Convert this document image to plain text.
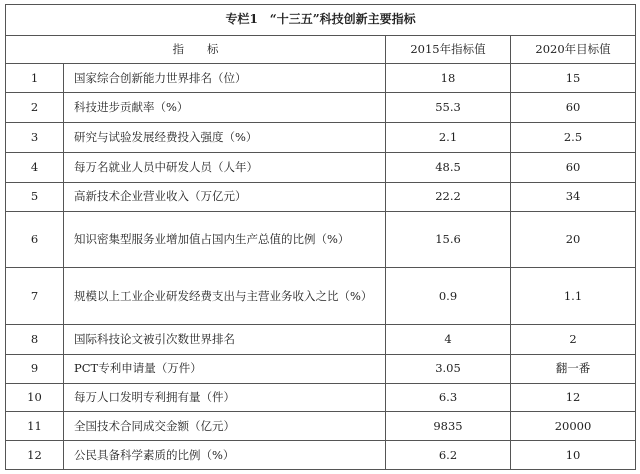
专栏1　“十三五”科技创新主要指标			
指　　标		2015年指标值	2020年目标值
1	国家综合创新能力世界排名（位）	18	15
2	科技进步贡献率（%）	55.3	60
3	研究与试验发展经费投入强度（%）	2.1	2.5
4	每万名就业人员中研发人员（人年）	48.5	60
5	高新技术企业营业收入（万亿元）	22.2	34
6	知识密集型服务业增加值占国内生产总值的比例（%）	15.6	20
7	规模以上工业企业研发经费支出与主营业务收入之比（%）	0.9	1.1
8	国际科技论文被引次数世界排名	4	2
9	PCT专利申请量（万件）	3.05	翻一番
10	每万人口发明专利拥有量（件）	6.3	12
11	全国技术合同成交金额（亿元）	9835	20000
12	公民具备科学素质的比例（%）	6.2	10
